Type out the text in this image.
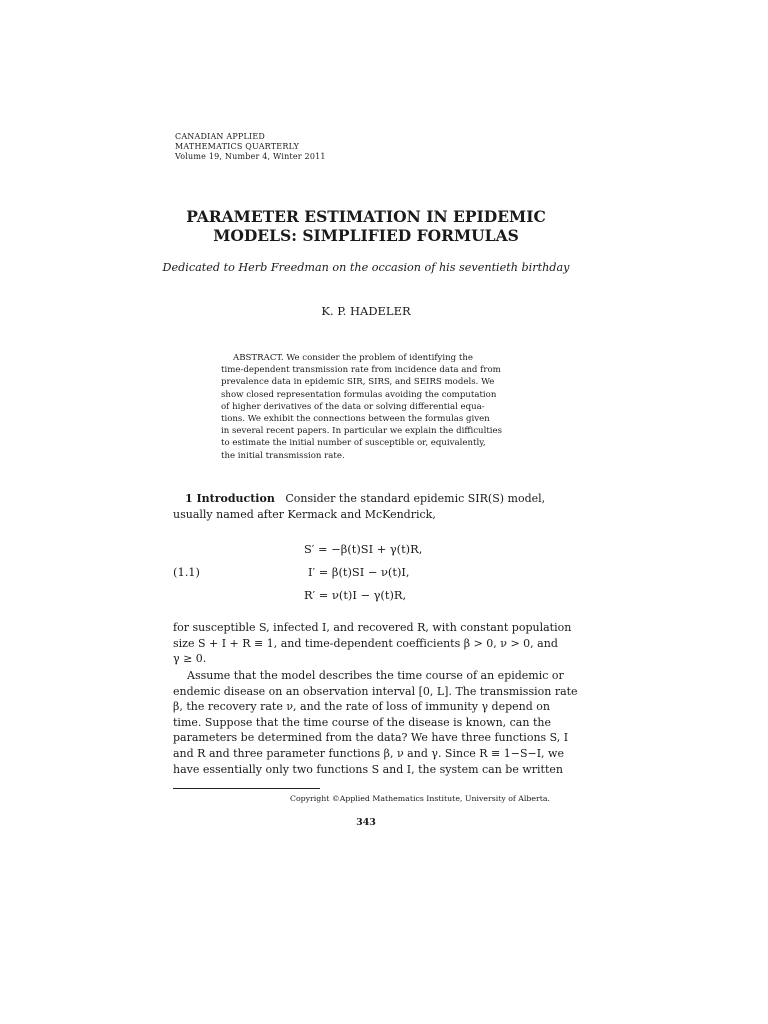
CANADIAN APPLIED
MATHEMATICS QUARTERLY
Volume 19, Number 4, Winter 2011
PARAMETER ESTIMATION IN EPIDEMIC
MODELS: SIMPLIFIED FORMULAS
Dedicated to Herb Freedman on the occasion of his seventieth birthday
K. P. HADELER
ABSTRACT. We consider the problem of identifying the
time-dependent transmission rate from incidence data and from
prevalence data in epidemic SIR, SIRS, and SEIRS models. We
show closed representation formulas avoiding the computation
of higher derivatives of the data or solving differential equa-
tions. We exhibit the connections between the formulas given
in several recent papers. In particular we explain the difficulties
to estimate the initial number of susceptible or, equivalently,
the initial transmission rate.
1 Introduction Consider the standard epidemic SIR(S) model,
usually named after Kermack and McKendrick,
(1.1)
S′ = −β(t)SI + γ(t)R,
I′ = β(t)SI − ν(t)I,
R′ = ν(t)I − γ(t)R,
for susceptible S, infected I, and recovered R, with constant population
size S + I + R ≡ 1, and time-dependent coefficients β > 0, ν > 0, and
γ ≥ 0.
Assume that the model describes the time course of an epidemic or
endemic disease on an observation interval [0, L]. The transmission rate
β, the recovery rate ν, and the rate of loss of immunity γ depend on
time. Suppose that the time course of the disease is known, can the
parameters be determined from the data? We have three functions S, I
and R and three parameter functions β, ν and γ. Since R ≡ 1−S−I, we
have essentially only two functions S and I, the system can be written
Copyright ©Applied Mathematics Institute, University of Alberta.
343
